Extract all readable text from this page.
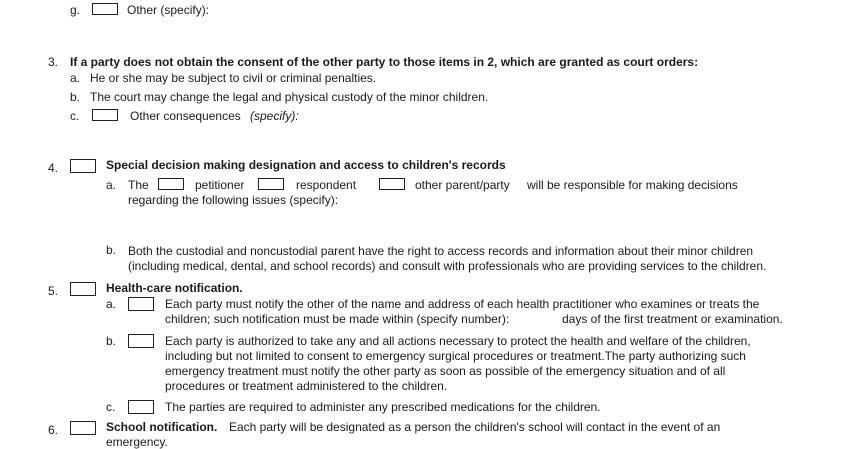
g.	Other (specify):
3. If a party does not obtain the consent of the other party to those items in 2, which are granted as court orders:
a. He or she may be subject to civil or criminal penalties.
b. The court may change the legal and physical custody of the minor children.
c.	Other consequences (specify):
4.	Special decision making designation and access to children's records
a. The	petitioner	respondent	other parent/party will be responsible for making decisions
regarding the following issues (specify):
b. Both the custodial and noncustodial parent have the right to access records and information about their minor children
(including medical, dental, and school records) and consult with professionals who are providing services to the children.
5.	Health-care notification.
a.	Each party must notify the other of the name and address of each health practitioner who examines or treats the
children; such notification must be made within (specify number):	days of the first treatment or examination.
b.	Each party is authorized to take any and all actions necessary to protect the health and welfare of the children,
including but not limited to consent to emergency surgical procedures or treatment.The party authorizing such
emergency treatment must notify the other party as soon as possible of the emergency situation and of all
procedures or treatment administered to the children.
c.	The parties are required to administer any prescribed medications for the children.
6.	School notification. Each party will be designated as a person the children's school will contact in the event of an
emergency.
